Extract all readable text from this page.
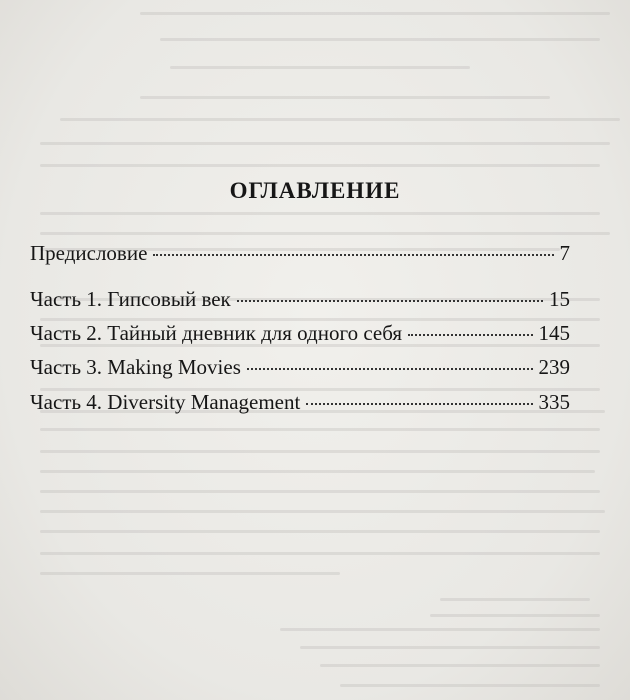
ОГЛАВЛЕНИЕ
Предисловие	7
Часть 1. Гипсовый век	15
Часть 2. Тайный дневник для одного себя	145
Часть 3. Making Movies	239
Часть 4. Diversity Management	335
